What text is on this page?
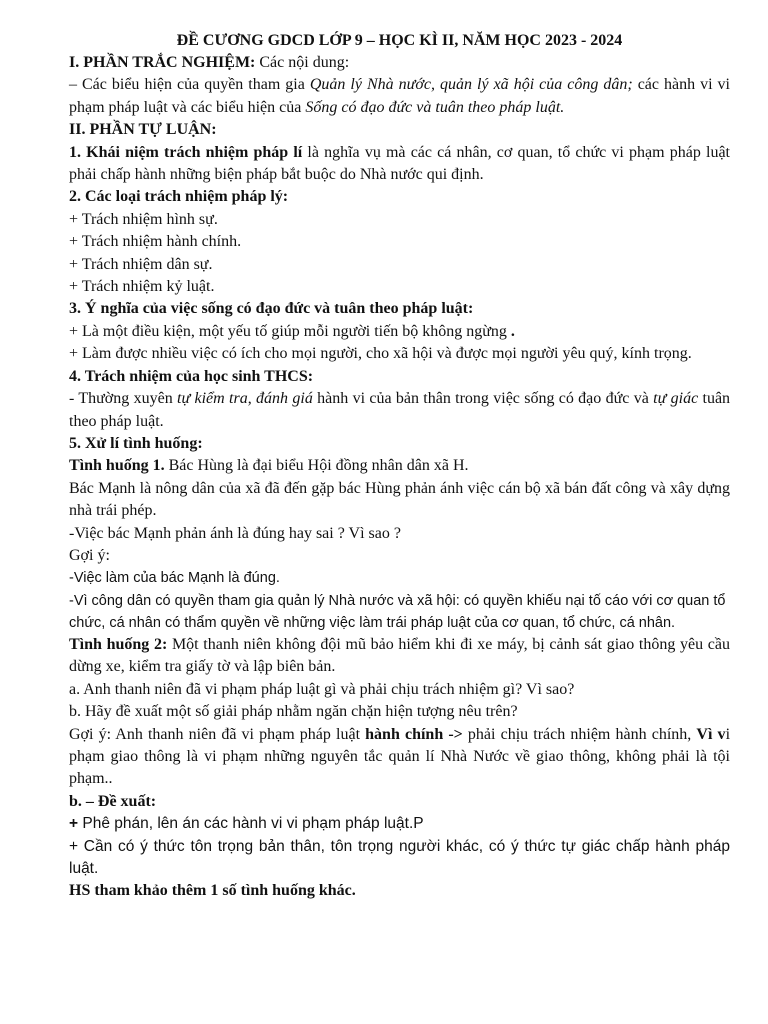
ĐỀ CƯƠNG GDCD LỚP 9 – HỌC KÌ II, NĂM HỌC 2023 - 2024

I. PHẦN TRẮC NGHIỆM: Các nội dung:

– Các biểu hiện của quyền tham gia Quản lý Nhà nước, quản lý xã hội của công dân; các hành vi vi phạm pháp luật và các biểu hiện của Sống có đạo đức và tuân theo pháp luật.

II. PHẦN TỰ LUẬN:

1. Khái niệm trách nhiệm pháp lí là nghĩa vụ mà các cá nhân, cơ quan, tổ chức vi phạm pháp luật phải chấp hành những biện pháp bắt buộc do Nhà nước qui định.

2. Các loại trách nhiệm pháp lý:

+ Trách nhiệm hình sự.

+ Trách nhiệm hành chính.

+ Trách nhiệm dân sự.

+ Trách nhiệm kỷ luật.

3. Ý nghĩa của việc sống có đạo đức và tuân theo pháp luật:

+ Là một điều kiện, một yếu tố giúp mỗi người tiến bộ không ngừng .

+ Làm được nhiều việc có ích cho mọi người, cho xã hội và được mọi người yêu quý, kính trọng.

4. Trách nhiệm của học sinh THCS:

- Thường xuyên tự kiểm tra, đánh giá hành vi của bản thân trong việc sống có đạo đức và tự giác tuân theo pháp luật.

5. Xử lí tình huống:

Tình huống 1. Bác Hùng là đại biểu Hội đồng nhân dân xã H.

Bác Mạnh là nông dân của xã đã đến gặp bác Hùng phản ánh việc cán bộ xã bán đất công và xây dựng nhà trái phép.

-Việc bác Mạnh phản ánh là đúng hay sai ? Vì sao ?

Gợi ý:

-Việc làm của bác Mạnh là đúng.

-Vì công dân có quyền tham gia quản lý Nhà nước và xã hội: có quyền khiếu nại tố cáo với cơ quan tổ chức, cá nhân có thẩm quyền về những việc làm trái pháp luật của cơ quan, tổ chức, cá nhân.

Tình huống 2: Một thanh niên không đội mũ bảo hiểm khi đi xe máy, bị cảnh sát giao thông yêu cầu dừng xe, kiểm tra giấy tờ và lập biên bản.

a. Anh thanh niên đã vi phạm pháp luật gì và phải chịu trách nhiệm gì? Vì sao?

b. Hãy đề xuất một số giải pháp nhằm ngăn chặn hiện tượng nêu trên?

Gợi ý: Anh thanh niên đã vi phạm pháp luật hành chính -> phải chịu trách nhiệm hành chính, Vì vi phạm giao thông là vi phạm những nguyên tắc quản lí Nhà Nước về giao thông, không phải là tội phạm..

b. – Đề xuất:

+ Phê phán, lên án các hành vi vi phạm pháp luật.P

+ Cần có ý thức tôn trọng bản thân, tôn trọng người khác, có ý thức tự giác chấp hành pháp luật.

HS tham khảo thêm 1 số tình huống khác.
